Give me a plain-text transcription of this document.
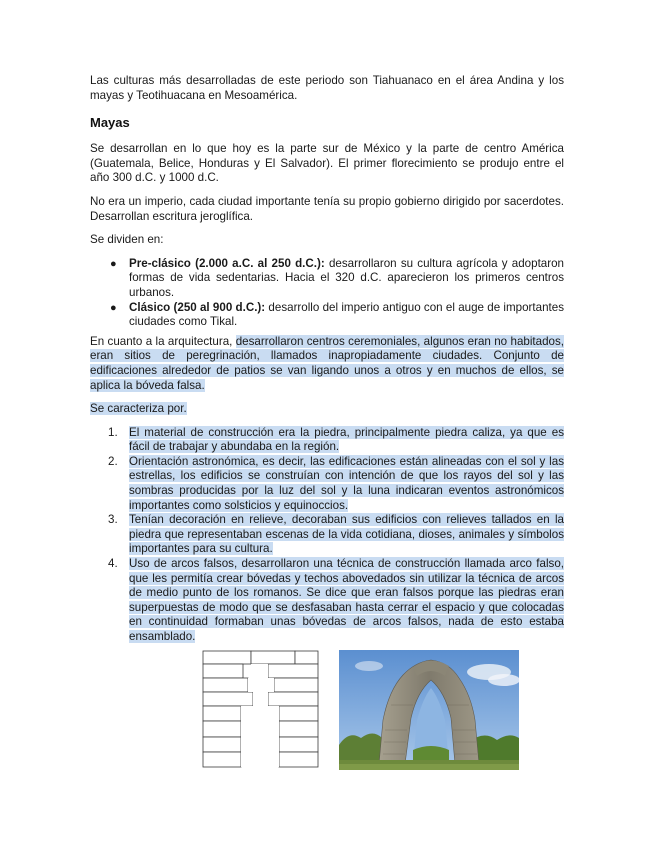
Las culturas más desarrolladas de este periodo son Tiahuanaco en el área Andina y los mayas y Teotihuacana en Mesoamérica.

Mayas

Se desarrollan en lo que hoy es la parte sur de México y la parte de centro América (Guatemala, Belice, Honduras y El Salvador). El primer florecimiento se produjo entre el año 300 d.C. y 1000 d.C.

No era un imperio, cada ciudad importante tenía su propio gobierno dirigido por sacerdotes. Desarrollan escritura jeroglífica.

Se dividen en:

● Pre-clásico (2.000 a.C. al 250 d.C.): desarrollaron su cultura agrícola y adoptaron formas de vida sedentarias. Hacia el 320 d.C. aparecieron los primeros centros urbanos.
● Clásico (250 al 900 d.C.): desarrollo del imperio antiguo con el auge de importantes ciudades como Tikal.

En cuanto a la arquitectura, desarrollaron centros ceremoniales, algunos eran no habitados, eran sitios de peregrinación, llamados inapropiadamente ciudades. Conjunto de edificaciones alrededor de patios se van ligando unos a otros y en muchos de ellos, se aplica la bóveda falsa.

Se caracteriza por.

1. El material de construcción era la piedra, principalmente piedra caliza, ya que es fácil de trabajar y abundaba en la región.
2. Orientación astronómica, es decir, las edificaciones están alineadas con el sol y las estrellas, los edificios se construían con intención de que los rayos del sol y las sombras producidas por la luz del sol y la luna indicaran eventos astronómicos importantes como solsticios y equinoccios.
3. Tenían decoración en relieve, decoraban sus edificios con relieves tallados en la piedra que representaban escenas de la vida cotidiana, dioses, animales y símbolos importantes para su cultura.
4. Uso de arcos falsos, desarrollaron una técnica de construcción llamada arco falso, que les permitía crear bóvedas y techos abovedados sin utilizar la técnica de arcos de medio punto de los romanos. Se dice que eran falsos porque las piedras eran superpuestas de modo que se desfasaban hasta cerrar el espacio y que colocadas en continuidad formaban unas bóvedas de arcos falsos, nada de esto estaba ensamblado.
